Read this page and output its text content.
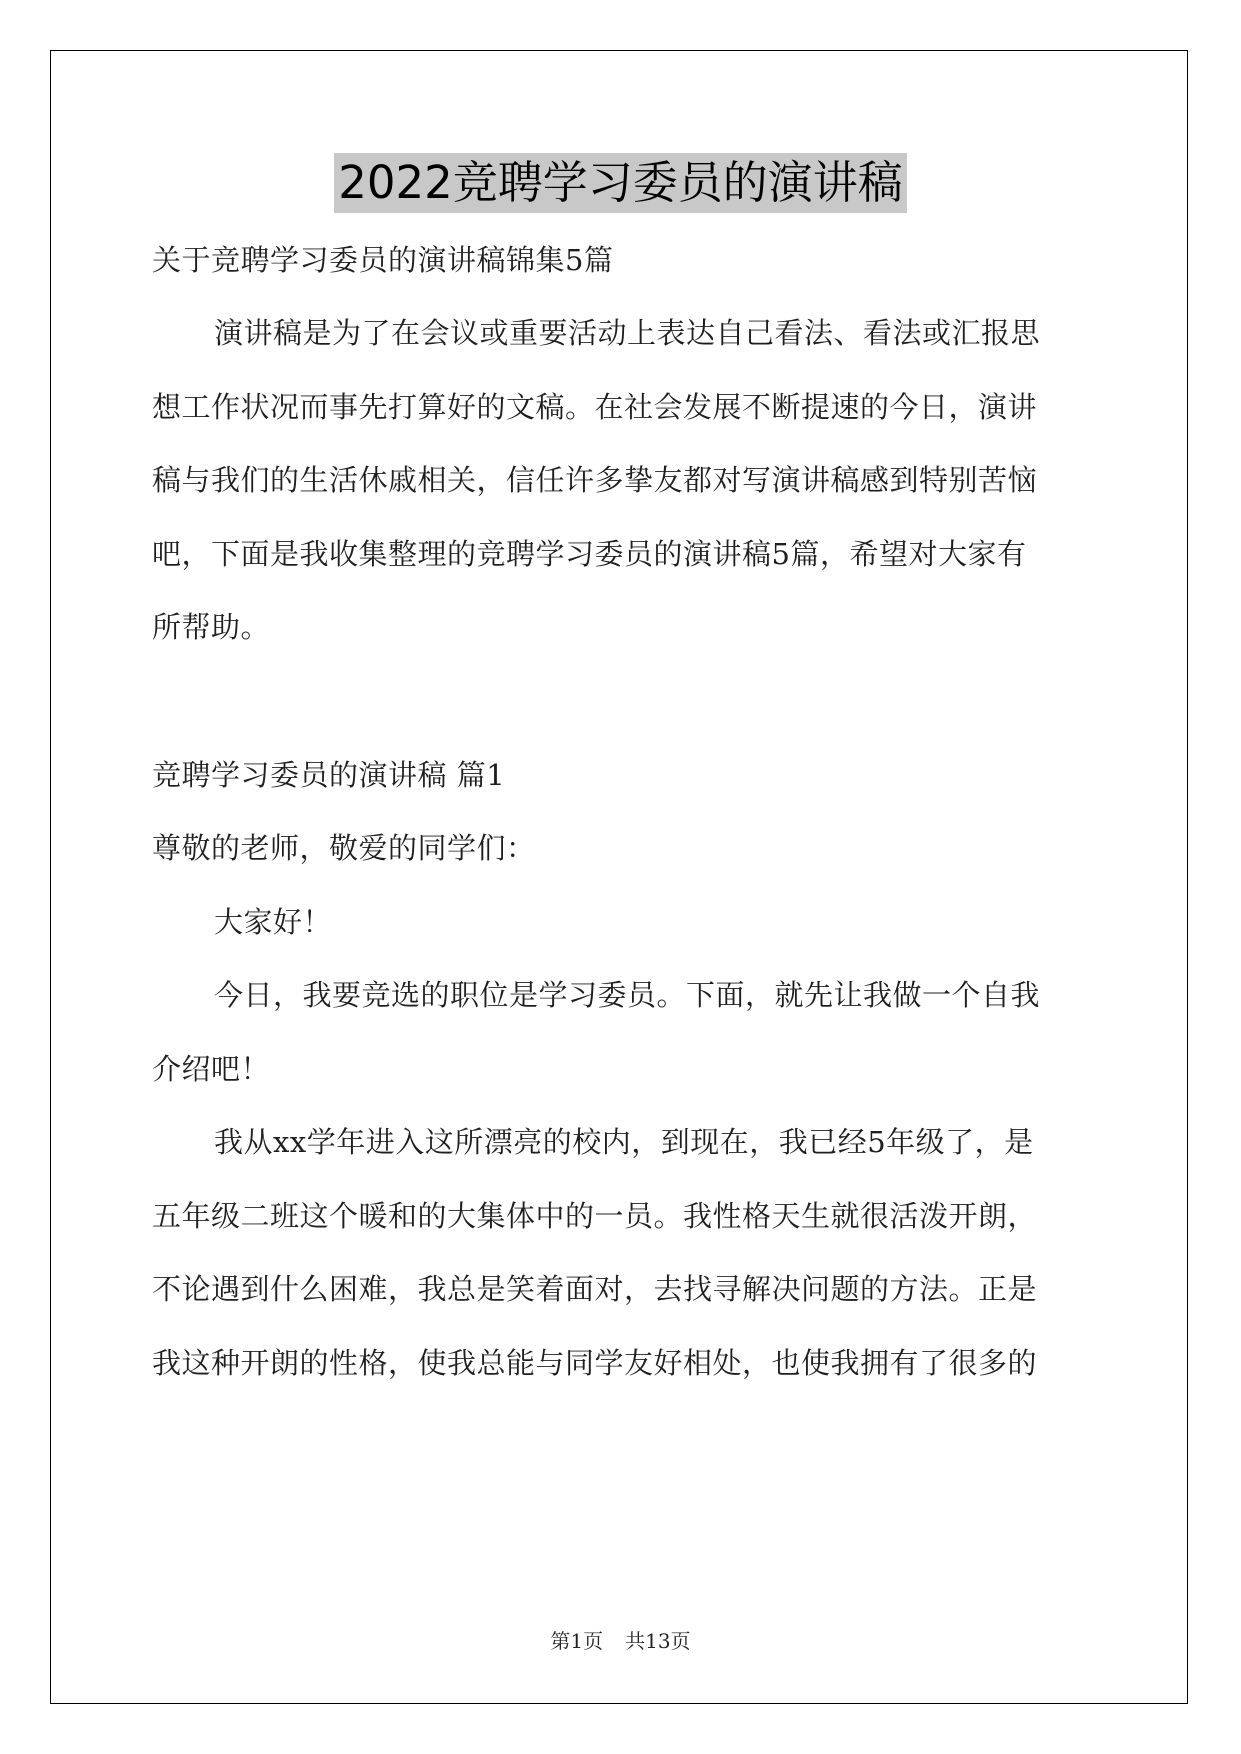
2022竞聘学习委员的演讲稿
关于竞聘学习委员的演讲稿锦集5篇
演讲稿是为了在会议或重要活动上表达自己看法、看法或汇报思
想工作状况而事先打算好的文稿。在社会发展不断提速的今日，演讲
稿与我们的生活休戚相关，信任许多挚友都对写演讲稿感到特别苦恼
吧，下面是我收集整理的竞聘学习委员的演讲稿5篇，希望对大家有
所帮助。
竞聘学习委员的演讲稿 篇1
尊敬的老师，敬爱的同学们：
大家好！
今日，我要竞选的职位是学习委员。下面，就先让我做一个自我
介绍吧！
我从xx学年进入这所漂亮的校内，到现在，我已经5年级了，是
五年级二班这个暖和的大集体中的一员。我性格天生就很活泼开朗，
不论遇到什么困难，我总是笑着面对，去找寻解决问题的方法。正是
我这种开朗的性格，使我总能与同学友好相处，也使我拥有了很多的
第1页 共13页
